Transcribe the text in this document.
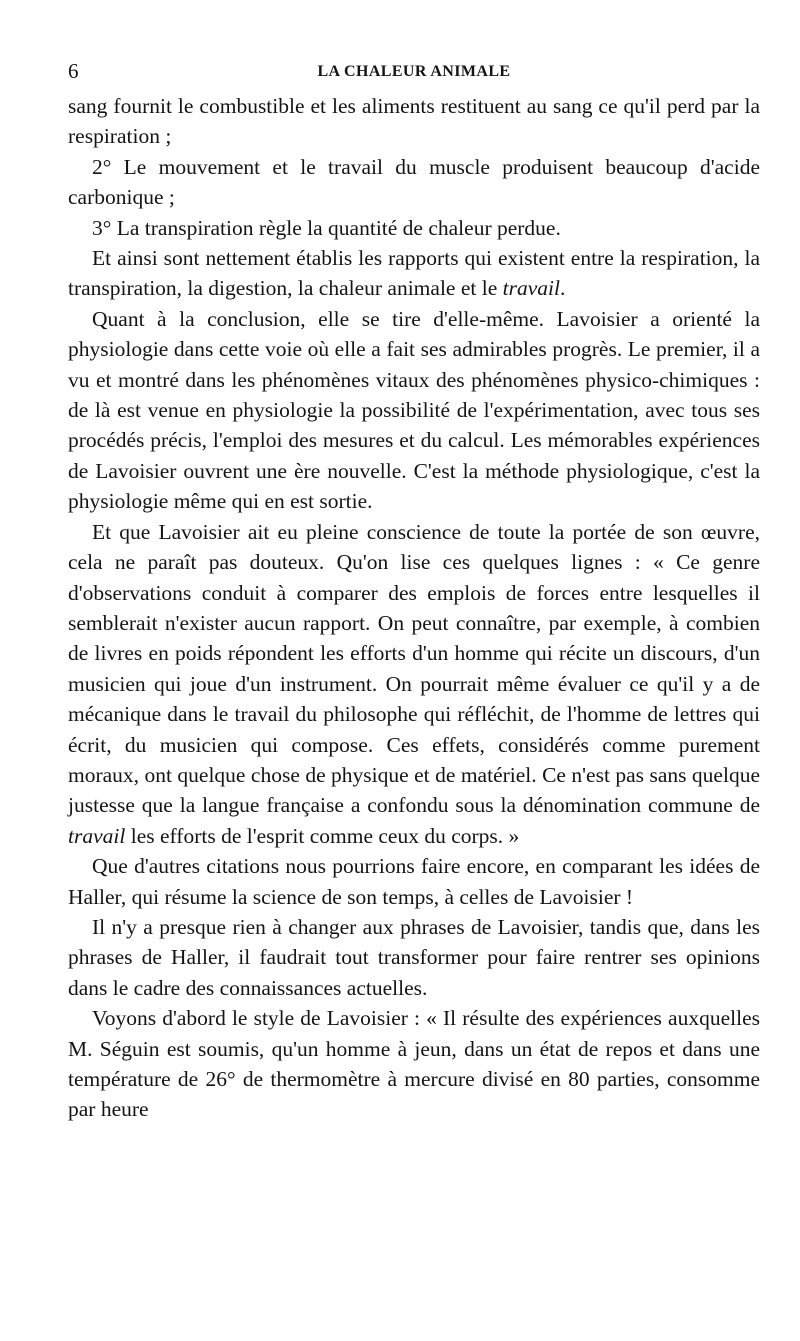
6	LA CHALEUR ANIMALE

sang fournit le combustible et les aliments restituent au sang ce qu'il perd par la respiration ;

2° Le mouvement et le travail du muscle produisent beaucoup d'acide carbonique ;

3° La transpiration règle la quantité de chaleur perdue.

Et ainsi sont nettement établis les rapports qui existent entre la respiration, la transpiration, la digestion, la chaleur animale et le travail.

Quant à la conclusion, elle se tire d'elle-même. Lavoisier a orienté la physiologie dans cette voie où elle a fait ses admirables progrès. Le premier, il a vu et montré dans les phénomènes vitaux des phénomènes physico-chimiques : de là est venue en physiologie la possibilité de l'expérimentation, avec tous ses procédés précis, l'emploi des mesures et du calcul. Les mémorables expériences de Lavoisier ouvrent une ère nouvelle. C'est la méthode physiologique, c'est la physiologie même qui en est sortie.

Et que Lavoisier ait eu pleine conscience de toute la portée de son œuvre, cela ne paraît pas douteux. Qu'on lise ces quelques lignes : « Ce genre d'observations conduit à comparer des emplois de forces entre lesquelles il semblerait n'exister aucun rapport. On peut connaître, par exemple, à combien de livres en poids répondent les efforts d'un homme qui récite un discours, d'un musicien qui joue d'un instrument. On pourrait même évaluer ce qu'il y a de mécanique dans le travail du philosophe qui réfléchit, de l'homme de lettres qui écrit, du musicien qui compose. Ces effets, considérés comme purement moraux, ont quelque chose de physique et de matériel. Ce n'est pas sans quelque justesse que la langue française a confondu sous la dénomination commune de travail les efforts de l'esprit comme ceux du corps. »

Que d'autres citations nous pourrions faire encore, en comparant les idées de Haller, qui résume la science de son temps, à celles de Lavoisier !

Il n'y a presque rien à changer aux phrases de Lavoisier, tandis que, dans les phrases de Haller, il faudrait tout transformer pour faire rentrer ses opinions dans le cadre des connaissances actuelles.

Voyons d'abord le style de Lavoisier : « Il résulte des expériences auxquelles M. Séguin est soumis, qu'un homme à jeun, dans un état de repos et dans une température de 26° de thermomètre à mercure divisé en 80 parties, consomme par heure
